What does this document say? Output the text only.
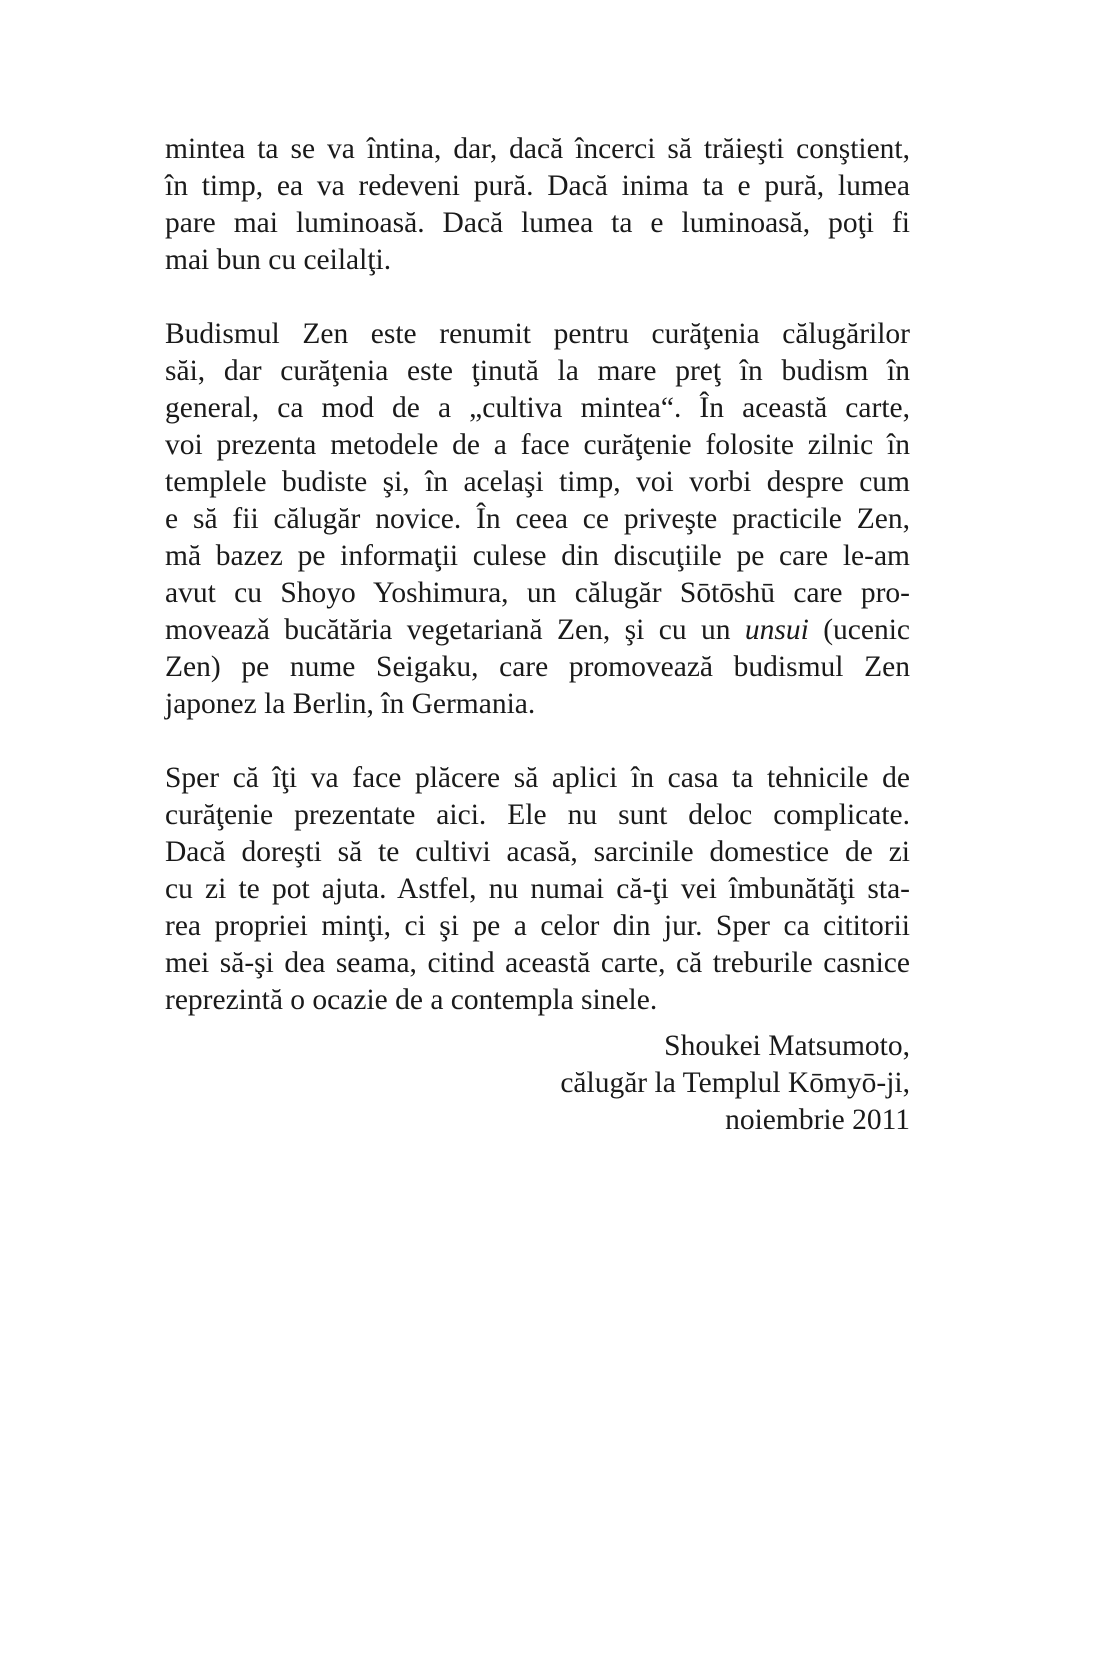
mintea ta se va întina, dar, dacă încerci să trăieşti conştient,
în timp, ea va redeveni pură. Dacă inima ta e pură, lumea
pare mai luminoasă. Dacă lumea ta e luminoasă, poţi fi
mai bun cu ceilalţi.
Budismul Zen este renumit pentru curăţenia călugărilor
săi, dar curăţenia este ţinută la mare preţ în budism în
general, ca mod de a „cultiva mintea“. În această carte,
voi prezenta metodele de a face curăţenie folosite zilnic în
templele budiste şi, în acelaşi timp, voi vorbi despre cum
e să fii călugăr novice. În ceea ce priveşte practicile Zen,
mă bazez pe informaţii culese din discuţiile pe care le-am
avut cu Shoyo Yoshimura, un călugăr Sōtōshū care pro-
moveazǎ bucătăria vegetariană Zen, şi cu un unsui (ucenic
Zen) pe nume Seigaku, care promovează budismul Zen
japonez la Berlin, în Germania.
Sper că îţi va face plăcere să aplici în casa ta tehnicile de
curăţenie prezentate aici. Ele nu sunt deloc complicate.
Dacă doreşti să te cultivi acasă, sarcinile domestice de zi
cu zi te pot ajuta. Astfel, nu numai că-ţi vei îmbunătăţi sta-
rea propriei minţi, ci şi pe a celor din jur. Sper ca cititorii
mei să-şi dea seama, citind această carte, că treburile casnice
reprezintă o ocazie de a contempla sinele.
Shoukei Matsumoto,
călugăr la Templul Kōmyō-ji,
noiembrie 2011
